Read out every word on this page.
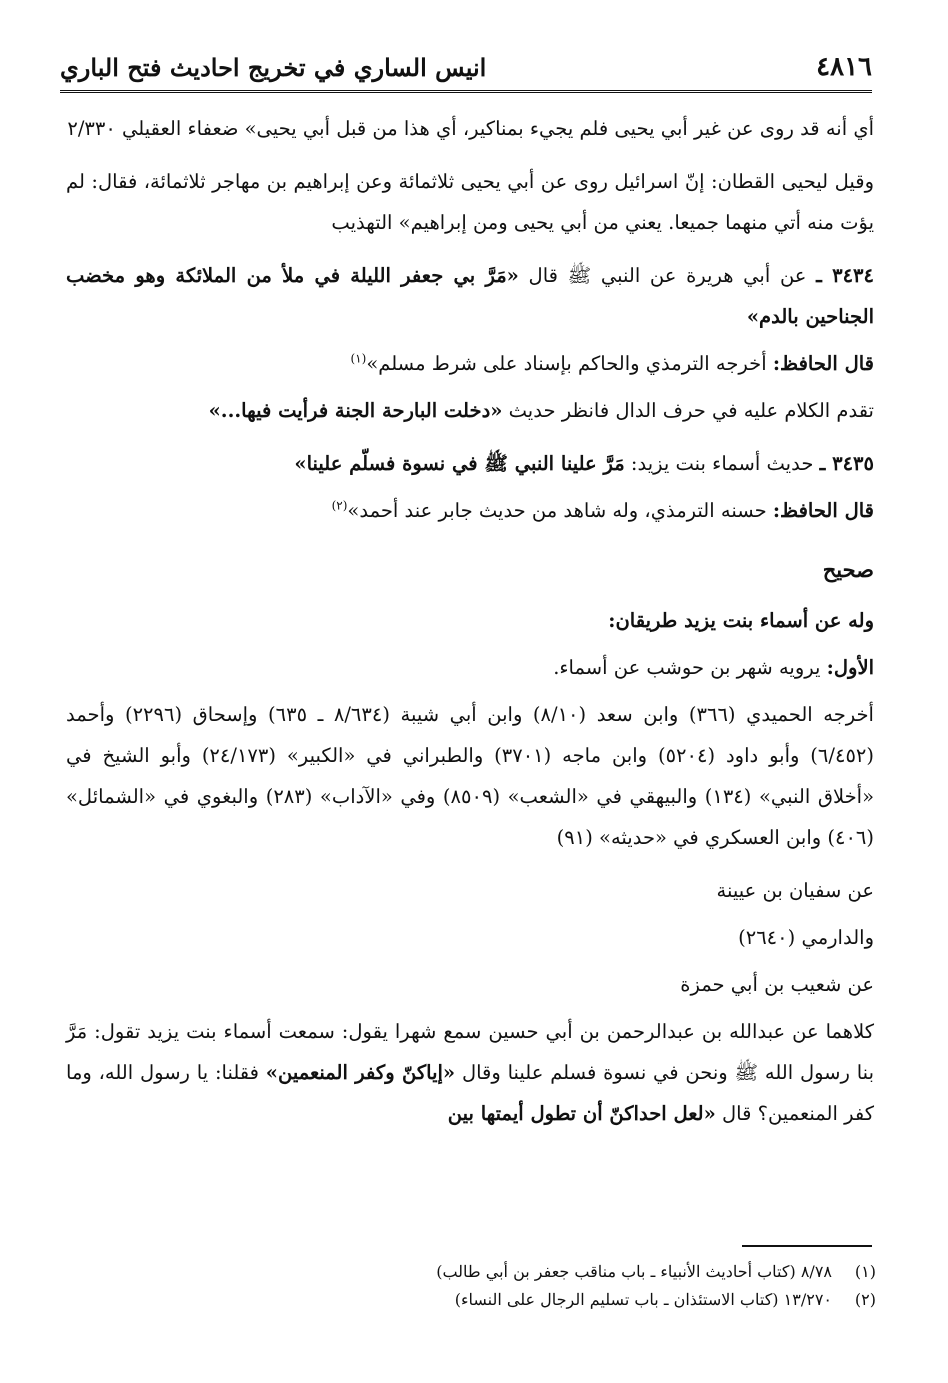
٤٨١٦
انيس الساري في تخريج احاديث فتح الباري

أي أنه قد روى عن غير أبي يحيى فلم يجيء بمناكير، أي هذا من قبل أبي يحيى» ضعفاء العقيلي ٢/٣٣٠

وقيل ليحيى القطان: إنّ اسرائيل روى عن أبي يحيى ثلاثمائة وعن إبراهيم بن مهاجر ثلاثمائة، فقال: لم يؤت منه أتي منهما جميعا. يعني من أبي يحيى ومن إبراهيم» التهذيب

٣٤٣٤ ـ عن أبي هريرة عن النبي ﷺ قال «مَرَّ بي جعفر الليلة في ملأ من الملائكة وهو مخضب الجناحين بالدم»

قال الحافظ: أخرجه الترمذي والحاكم بإسناد على شرط مسلم»$^{(١)}$

تقدم الكلام عليه في حرف الدال فانظر حديث «دخلت البارحة الجنة فرأيت فيها...»

٣٤٣٥ ـ حديث أسماء بنت يزيد: مَرَّ علينا النبي ﷺ في نسوة فسلّم علينا»

قال الحافظ: حسنه الترمذي، وله شاهد من حديث جابر عند أحمد»$^{(٢)}$

صحيح

وله عن أسماء بنت يزيد طريقان:

الأول: يرويه شهر بن حوشب عن أسماء.

أخرجه الحميدي (٣٦٦) وابن سعد (٨/١٠) وابن أبي شيبة (٨/٦٣٤ ـ ٦٣٥) وإسحاق (٢٢٩٦) وأحمد (٦/٤٥٢) وأبو داود (٥٢٠٤) وابن ماجه (٣٧٠١) والطبراني في «الكبير» (٢٤/١٧٣) وأبو الشيخ في «أخلاق النبي» (١٣٤) والبيهقي في «الشعب» (٨٥٠٩) وفي «الآداب» (٢٨٣) والبغوي في «الشمائل» (٤٠٦) وابن العسكري في «حديثه» (٩١)

عن سفيان بن عيينة

والدارمي (٢٦٤٠)

عن شعيب بن أبي حمزة

كلاهما عن عبدالله بن عبدالرحمن بن أبي حسين سمع شهرا يقول: سمعت أسماء بنت يزيد تقول: مَرَّ بنا رسول الله ﷺ ونحن في نسوة فسلم علينا وقال «إياكنّ وكفر المنعمين» فقلنا: يا رسول الله، وما كفر المنعمين؟ قال «لعل احداكنّ أن تطول أيمتها بين

(١)
٨/٧٨ (كتاب أحاديث الأنبياء ـ باب مناقب جعفر بن أبي طالب)
(٢)
١٣/٢٧٠ (كتاب الاستئذان ـ باب تسليم الرجال على النساء)
